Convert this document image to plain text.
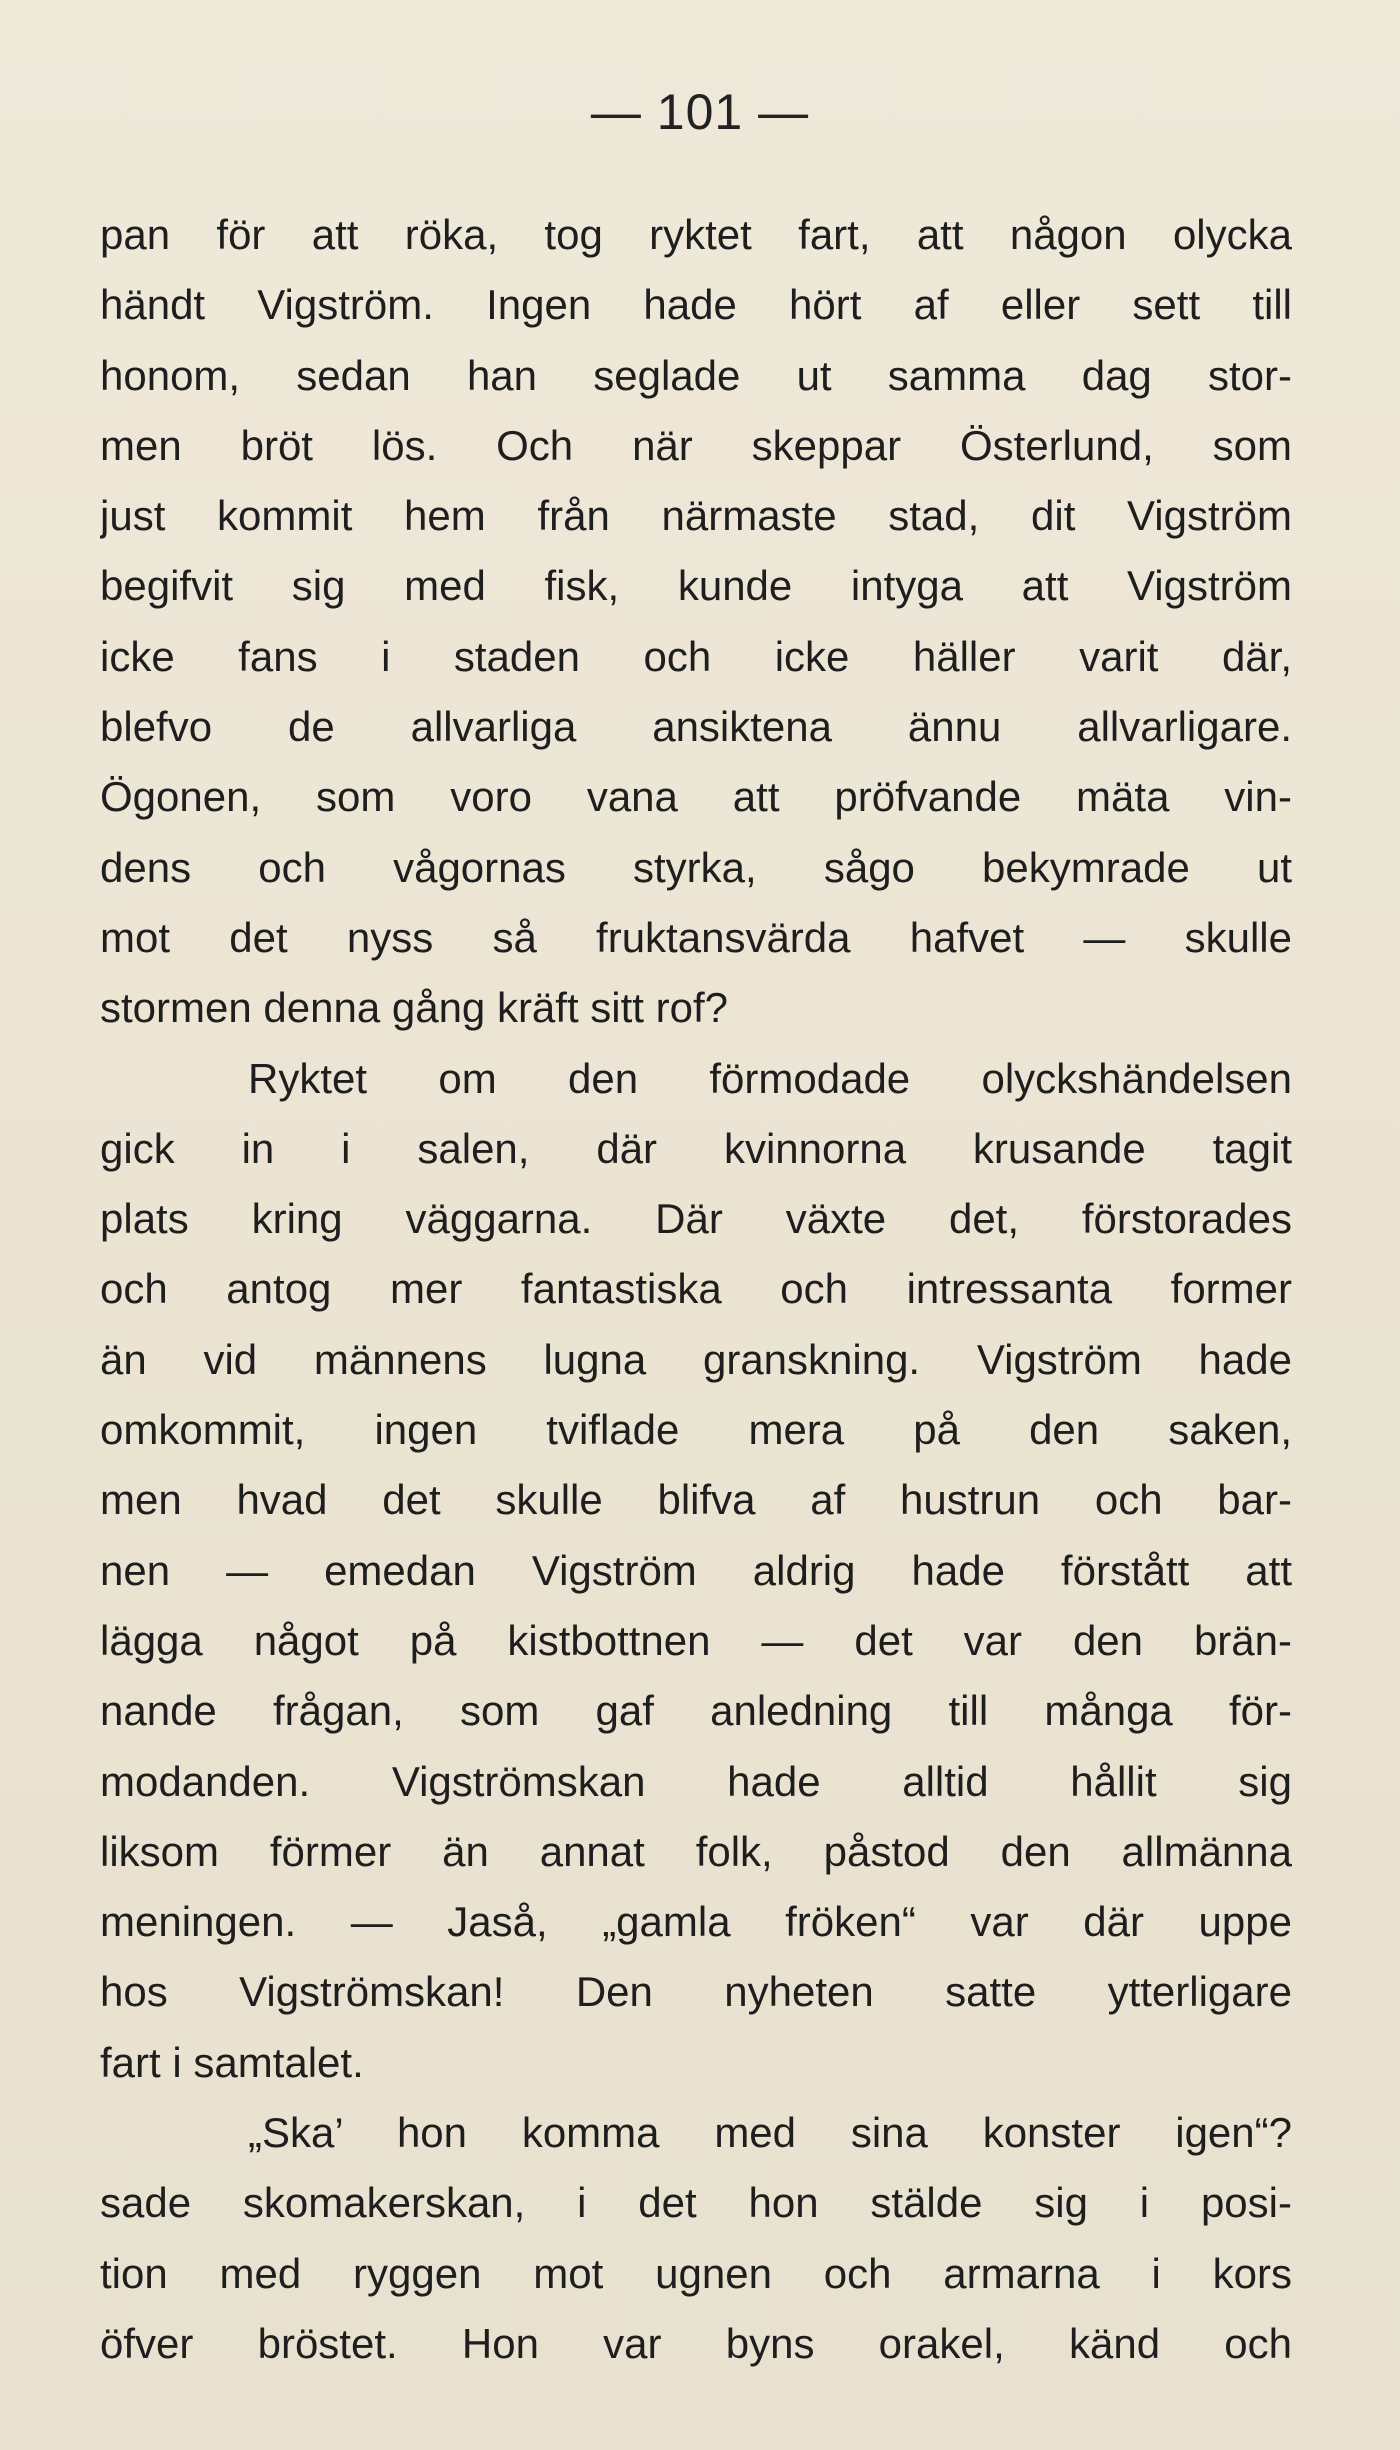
— 101 —
pan för att röka, tog ryktet fart, att någon olycka
händt Vigström. Ingen hade hört af eller sett till
honom, sedan han seglade ut samma dag stor-
men bröt lös. Och när skeppar Österlund, som
just kommit hem från närmaste stad, dit Vigström
begifvit sig med fisk, kunde intyga att Vigström
icke fans i staden och icke häller varit där,
blefvo de allvarliga ansiktena ännu allvarligare.
Ögonen, som voro vana att pröfvande mäta vin-
dens och vågornas styrka, sågo bekymrade ut
mot det nyss så fruktansvärda hafvet — skulle
stormen denna gång kräft sitt rof?
Ryktet om den förmodade olyckshändelsen
gick in i salen, där kvinnorna krusande tagit
plats kring väggarna. Där växte det, förstorades
och antog mer fantastiska och intressanta former
än vid männens lugna granskning. Vigström hade
omkommit, ingen tviflade mera på den saken,
men hvad det skulle blifva af hustrun och bar-
nen — emedan Vigström aldrig hade förstått att
lägga något på kistbottnen — det var den brän-
nande frågan, som gaf anledning till många för-
modanden. Vigströmskan hade alltid hållit sig
liksom förmer än annat folk, påstod den allmänna
meningen. — Jaså, „gamla fröken“ var där uppe
hos Vigströmskan! Den nyheten satte ytterligare
fart i samtalet.
„Ska’ hon komma med sina konster igen“?
sade skomakerskan, i det hon stälde sig i posi-
tion med ryggen mot ugnen och armarna i kors
öfver bröstet. Hon var byns orakel, känd och
